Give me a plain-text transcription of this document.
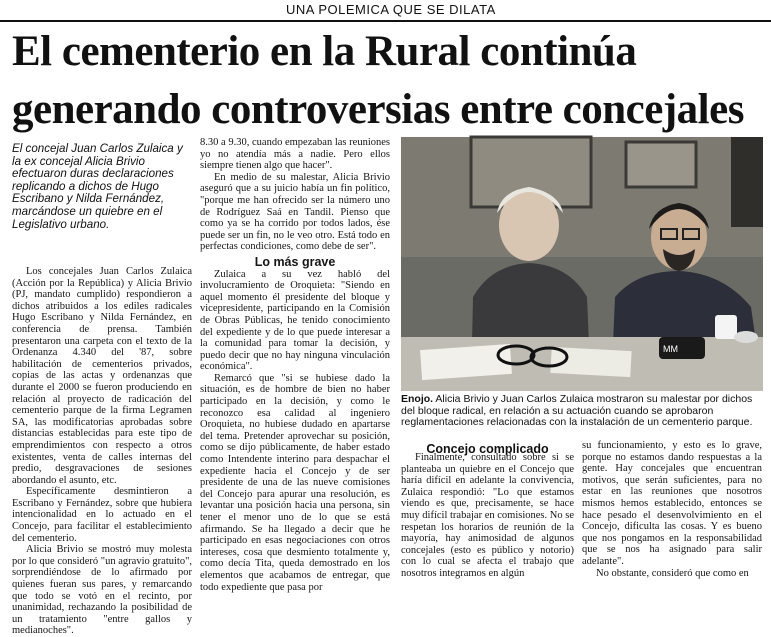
UNA POLEMICA QUE SE DILATA
El cementerio en la Rural continúa
generando controversias entre concejales
El concejal Juan Carlos Zulaica y la ex concejal Alicia Brivio efectuaron duras declaraciones replicando a dichos de Hugo Escribano y Nilda Fernández, marcándose un quiebre en el Legislativo urbano.

Los concejales Juan Carlos Zulaica (Acción por la República) y Alicia Brivio (PJ, mandato cumplido) respondieron a dichos atribuidos a los ediles radicales Hugo Escribano y Nilda Fernández, en conferencia de prensa. También presentaron una carpeta con el texto de la Ordenanza 4.340 del '87, sobre habilitación de cementerios privados, copias de las actas y ordenanzas que durante el 2000 se fueron produciendo en relación al proyecto de radicación del cementerio parque de la firma Legramen SA, las modificatorias aprobadas sobre distancias establecidas para este tipo de emprendimientos con respecto a otros existentes, venta de calles internas del predio, desgravaciones de sesiones abordando el asunto, etc.

Específicamente desmintieron a Escribano y Fernández, sobre que hubiera intencionalidad en lo actuado en el Concejo, para facilitar el establecimiento del cementerio.

Alicia Brivio se mostró muy molesta por lo que consideró "un agravio gratuito", sorprendiéndose de lo afirmado por quienes fueran sus pares, y remarcando que todo se votó en el recinto, por unanimidad, rechazando la posibilidad de un tratamiento "entre gallos y medianoches".

8.30 a 9.30, cuando empezaban las reuniones yo no atendía más a nadie. Pero ellos siempre tienen algo que hacer".

En medio de su malestar, Alicia Brivio aseguró que a su juicio había un fin político, "porque me han ofrecido ser la número uno de Rodríguez Saá en Tandil. Pienso que como ya se ha corrido por todos lados, ése puede ser un fin, no le veo otro. Está todo en perfectas condiciones, como debe de ser".

Lo más grave

Zulaica a su vez habló del involucramiento de Oroquieta: "Siendo en aquel momento él presidente del bloque y vicepresidente, participando en la Comisión de Obras Públicas, he tenido conocimiento del expediente y de lo que puede interesar a la comunidad para tomar la decisión, y puedo decir que no hay ninguna vinculación económica".

Remarcó que "si se hubiese dado la situación, es de hombre de bien no haber participado en la decisión, y como le reconozco esa calidad al ingeniero Oroquieta, no hubiese dudado en apartarse del tema. Pretender aprovechar su posición, como se dijo públicamente, de haber estado como Intendente interino para despachar el expediente hacia el Concejo y de ser presidente de una de las nueve comisiones del Concejo para apurar una resolución, es levantar una posición hacia una persona, sin tener el menor uno de lo que se está afirmando. Se ha llegado a decir que he participado en esas negociaciones con otros intereses, cosa que desmiento totalmente y, como decía Tita, queda demostrado en los elementos que acabamos de entregar, que todo expediente que pasa por

MM
Enojo. Alicia Brivio y Juan Carlos Zulaica mostraron su malestar por dichos del bloque radical, en relación a su actuación cuando se aprobaron reglamentaciones relacionadas con la instalación de un cementerio parque.

Concejo complicado

Finalmente, consultado sobre si se planteaba un quiebre en el Concejo que haría difícil en adelante la convivencia, Zulaica respondió: "Lo que estamos viendo es que, precisamente, se hace muy difícil trabajar en comisiones. No se respetan los horarios de reunión de la mayoría, hay animosidad de algunos concejales (esto es público y notorio) con lo cual se afecta el trabajo que nosotros integramos en algún

su funcionamiento, y esto es lo grave, porque no estamos dando respuestas a la gente. Hay concejales que encuentran motivos, que serán suficientes, para no estar en las reuniones que nosotros mismos hemos establecido, entonces se hace pesado el desenvolvimiento en el Concejo, dificulta las cosas. Y es bueno que nos pongamos en la responsabilidad que se nos ha asignado para salir adelante".

No obstante, consideró que como en
